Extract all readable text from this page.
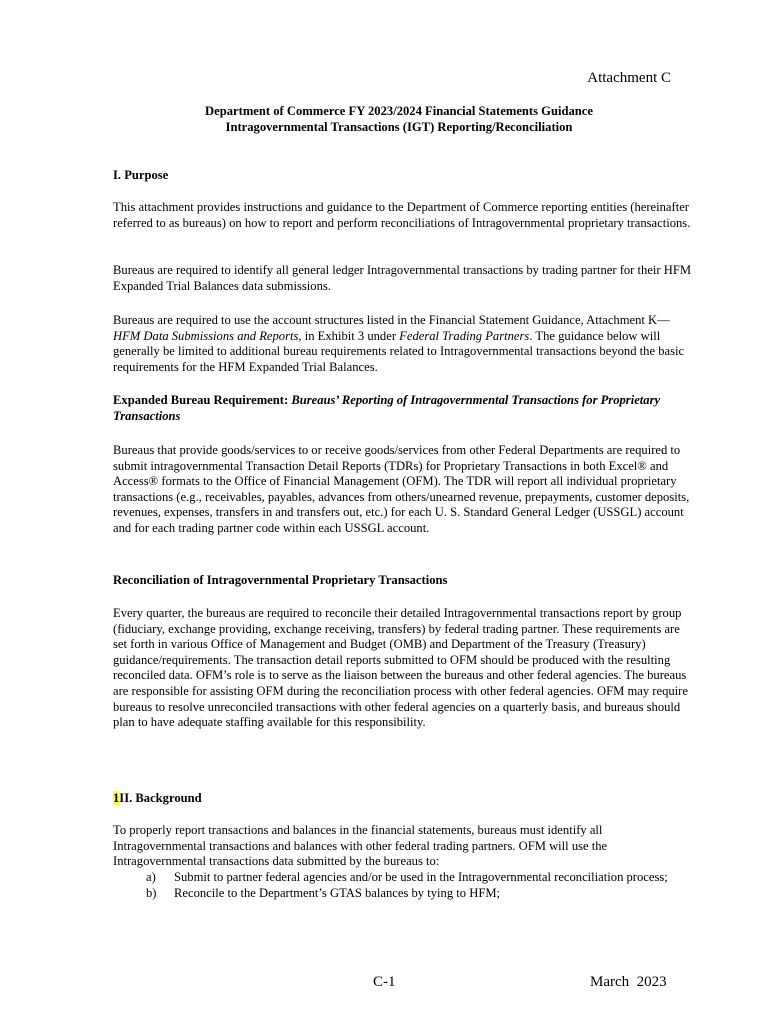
Attachment C
Department of Commerce FY 2023/2024 Financial Statements Guidance
Intragovernmental Transactions (IGT) Reporting/Reconciliation
I. Purpose

This attachment provides instructions and guidance to the Department of Commerce reporting entities (hereinafter referred to as bureaus) on how to report and perform reconciliations of Intragovernmental proprietary transactions.

Bureaus are required to identify all general ledger Intragovernmental transactions by trading partner for their HFM Expanded Trial Balances data submissions.

Bureaus are required to use the account structures listed in the Financial Statement Guidance, Attachment K—HFM Data Submissions and Reports, in Exhibit 3 under Federal Trading Partners. The guidance below will generally be limited to additional bureau requirements related to Intragovernmental transactions beyond the basic requirements for the HFM Expanded Trial Balances.

Expanded Bureau Requirement: Bureaus’ Reporting of Intragovernmental Transactions for Proprietary Transactions

Bureaus that provide goods/services to or receive goods/services from other Federal Departments are required to submit intragovernmental Transaction Detail Reports (TDRs) for Proprietary Transactions in both Excel® and Access® formats to the Office of Financial Management (OFM). The TDR will report all individual proprietary transactions (e.g., receivables, payables, advances from others/unearned revenue, prepayments, customer deposits, revenues, expenses, transfers in and transfers out, etc.) for each U. S. Standard General Ledger (USSGL) account and for each trading partner code within each USSGL account.

Reconciliation of Intragovernmental Proprietary Transactions

Every quarter, the bureaus are required to reconcile their detailed Intragovernmental transactions report by group (fiduciary, exchange providing, exchange receiving, transfers) by federal trading partner. These requirements are set forth in various Office of Management and Budget (OMB) and Department of the Treasury (Treasury) guidance/requirements. The transaction detail reports submitted to OFM should be produced with the resulting reconciled data. OFM’s role is to serve as the liaison between the bureaus and other federal agencies. The bureaus are responsible for assisting OFM during the reconciliation process with other federal agencies. OFM may require bureaus to resolve unreconciled transactions with other federal agencies on a quarterly basis, and bureaus should plan to have adequate staffing available for this responsibility.

1II. Background

To properly report transactions and balances in the financial statements, bureaus must identify all Intragovernmental transactions and balances with other federal trading partners. OFM will use the Intragovernmental transactions data submitted by the bureaus to:

a) Submit to partner federal agencies and/or be used in the Intragovernmental reconciliation process;
b) Reconcile to the Department’s GTAS balances by tying to HFM;
C-1	March  2023
